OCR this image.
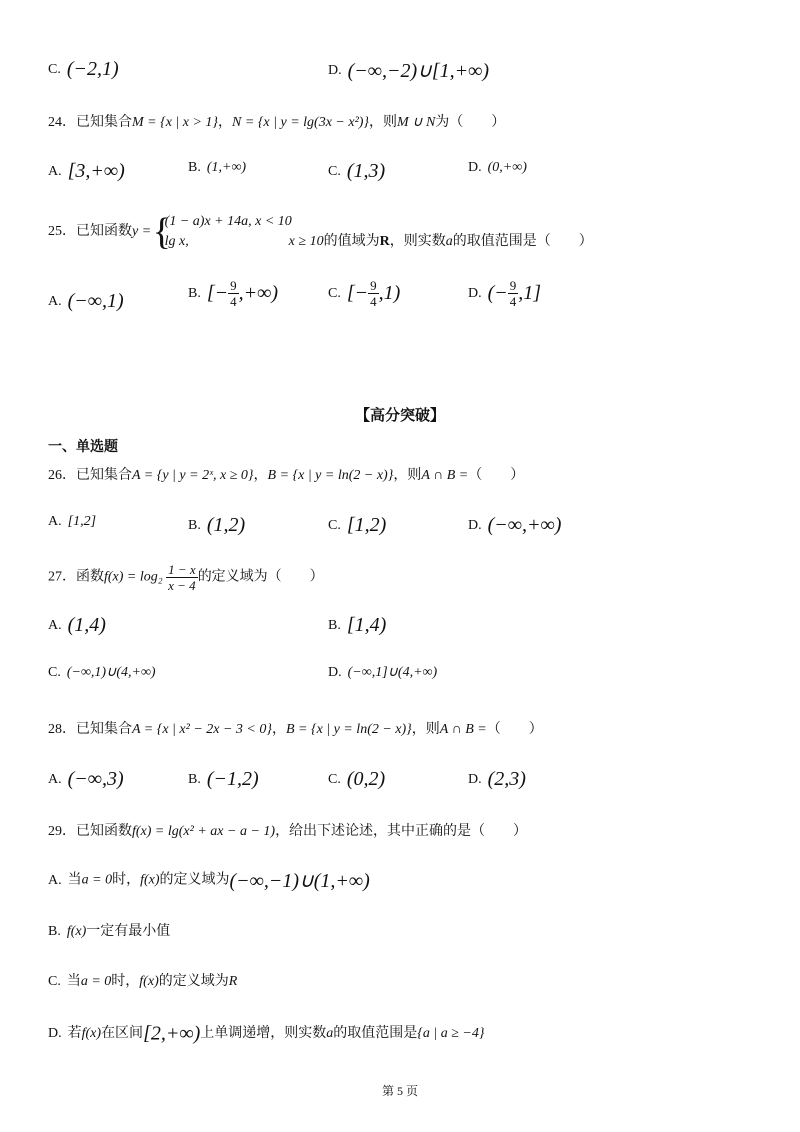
C. (−2,1)	D. (−∞,−2)∪[1,+∞)
24．已知集合M = {x | x > 1}，N = {x | y = lg(3x − x²)}，则M ∪ N为（　　）
A. [3,+∞)	B. (1,+∞)	C. (1,3)	D. (0,+∞)
25．已知函数y =
{ (1 − a)x + 14a, x < 10
lg x,	x ≥ 10的值域为R，则实数a的取值范围是（　　）
A. (−∞,1)	B. [− $\frac{9}{4}$ ,+∞)	C. [− $\frac{9}{4} ,1$)	D. (− $\frac{9}{4} ,1$]
【高分突破】
一、单选题
26．已知集合A = {y | y = 2ˣ, x ≥ 0}，B = {x | y = ln(2 − x)}，则A ∩ B =（　　）
A. [1,2]	B. (1,2)	C. [1,2)	D. (−∞,+∞)
27．函数$f(x) = \log_2 \frac{1 - x}{x - 4}$ 的定义域为（　　）
A. (1,4)	B. [1,4)
C. (−∞,1)∪(4,+∞)	D. (−∞,1]∪(4,+∞)
28．已知集合A = {x | x² − 2x − 3 < 0}，B = {x | y = ln(2 − x)}，则A ∩ B =（　　）
A. (−∞,3)	B. (−1,2)	C. (0,2)	D. (2,3)
29．已知函数f(x) = lg(x² + ax − a − 1)，给出下述论述，其中正确的是（　　）
A. 当a = 0时，f(x)的定义域为(−∞,−1)∪(1,+∞)
B. f(x)一定有最小值
C. 当a = 0时，f(x)的定义域为R
D. 若f(x)在区间[2,+∞)上单调递增，则实数a的取值范围是{a | a ≥ −4}
第 5 页
